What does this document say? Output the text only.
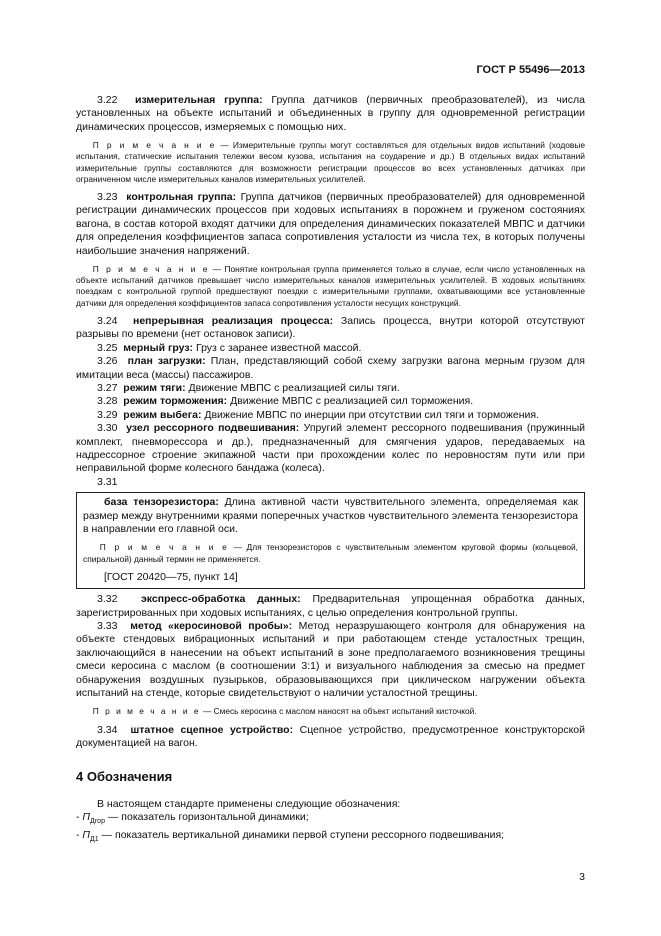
ГОСТ Р 55496—2013

3.22 измерительная группа: Группа датчиков (первичных преобразователей), из числа установленных на объекте испытаний и объединенных в группу для одновременной регистрации динамических процессов, измеряемых с помощью них.

П р и м е ч а н и е — Измерительные группы могут составляться для отдельных видов испытаний (ходовые испытания, статические испытания тележки весом кузова, испытания на соударение и др.) В отдельных видах испытаний измерительные группы составляются для возможности регистрации процессов во всех установленных датчиках при ограниченном числе измерительных каналов измерительных усилителей.

3.23 контрольная группа: Группа датчиков (первичных преобразователей) для одновременной регистрации динамических процессов при ходовых испытаниях в порожнем и груженом состояниях вагона, в состав которой входят датчики для определения динамических показателей МВПС и датчики для определения коэффициентов запаса сопротивления усталости из числа тех, в которых получены наибольшие значения напряжений.

П р и м е ч а н и е — Понятие контрольная группа применяется только в случае, если число установленных на объекте испытаний датчиков превышает число измерительных каналов измерительных усилителей. В ходовых испытаниях поездкам с контрольной группой предшествуют поездки с измерительными группами, охватывающими все установленные датчики для определения коэффициентов запаса сопротивления усталости несущих конструкций.

3.24 непрерывная реализация процесса: Запись процесса, внутри которой отсутствуют разрывы по времени (нет остановок записи).

3.25 мерный груз: Груз с заранее известной массой.

3.26 план загрузки: План, представляющий собой схему загрузки вагона мерным грузом для имитации веса (массы) пассажиров.

3.27 режим тяги: Движение МВПС с реализацией силы тяги.

3.28 режим торможения: Движение МВПС с реализацией сил торможения.

3.29 режим выбега: Движение МВПС по инерции при отсутствии сил тяги и торможения.

3.30 узел рессорного подвешивания: Упругий элемент рессорного подвешивания (пружинный комплект, пневморессора и др.), предназначенный для смягчения ударов, передаваемых на надрессорное строение экипажной части при прохождении колес по неровностям пути или при неправильной форме колесного бандажа (колеса).

3.31

база тензорезистора: Длина активной части чувствительного элемента, определяемая как размер между внутренними краями поперечных участков чувствительного элемента тензорезистора в направлении его главной оси.

П р и м е ч а н и е — Для тензорезисторов с чувствительным элементом круговой формы (кольцевой, спиральной) данный термин не применяется.

[ГОСТ 20420—75, пункт 14]

3.32 экспресс-обработка данных: Предварительная упрощенная обработка данных, зарегистрированных при ходовых испытаниях, с целью определения контрольной группы.

3.33 метод «керосиновой пробы»: Метод неразрушающего контроля для обнаружения на объекте стендовых вибрационных испытаний и при работающем стенде усталостных трещин, заключающийся в нанесении на объект испытаний в зоне предполагаемого возникновения трещины смеси керосина с маслом (в соотношении 3:1) и визуального наблюдения за смесью на предмет обнаружения воздушных пузырьков, образовывающихся при циклическом нагружении объекта испытаний на стенде, которые свидетельствуют о наличии усталостной трещины.

П р и м е ч а н и е — Смесь керосина с маслом наносят на объект испытаний кисточкой.

3.34 штатное сцепное устройство: Сцепное устройство, предусмотренное конструкторской документацией на вагон.

4 Обозначения

В настоящем стандарте применены следующие обозначения:

- $П_{Дгор}$ — показатель горизонтальной динамики;

- $П_{Д1}$ — показатель вертикальной динамики первой ступени рессорного подвешивания;

3
